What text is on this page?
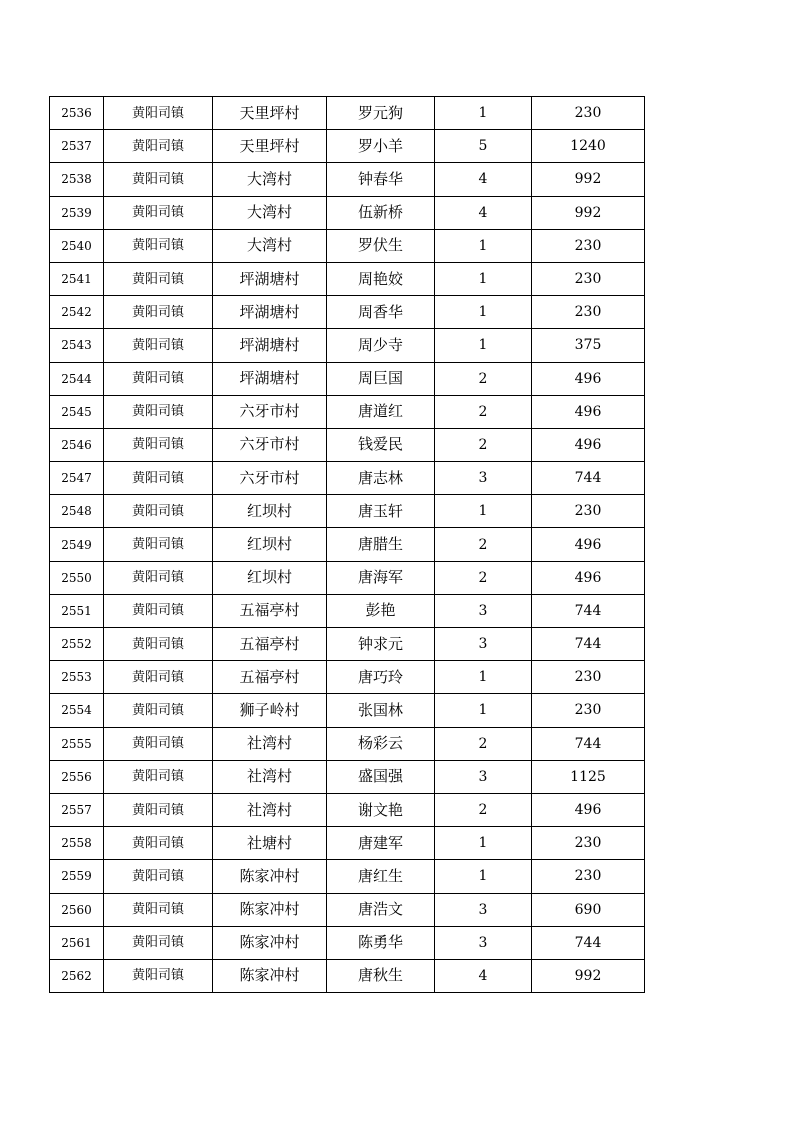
2536	黄阳司镇	天里坪村	罗元狗	1	230
2537	黄阳司镇	天里坪村	罗小羊	5	1240
2538	黄阳司镇	大湾村	钟春华	4	992
2539	黄阳司镇	大湾村	伍新桥	4	992
2540	黄阳司镇	大湾村	罗伏生	1	230
2541	黄阳司镇	坪湖塘村	周艳姣	1	230
2542	黄阳司镇	坪湖塘村	周香华	1	230
2543	黄阳司镇	坪湖塘村	周少寺	1	375
2544	黄阳司镇	坪湖塘村	周巨国	2	496
2545	黄阳司镇	六牙市村	唐道红	2	496
2546	黄阳司镇	六牙市村	钱爱民	2	496
2547	黄阳司镇	六牙市村	唐志林	3	744
2548	黄阳司镇	红坝村	唐玉轩	1	230
2549	黄阳司镇	红坝村	唐腊生	2	496
2550	黄阳司镇	红坝村	唐海军	2	496
2551	黄阳司镇	五福亭村	彭艳	3	744
2552	黄阳司镇	五福亭村	钟求元	3	744
2553	黄阳司镇	五福亭村	唐巧玲	1	230
2554	黄阳司镇	狮子岭村	张国林	1	230
2555	黄阳司镇	社湾村	杨彩云	2	744
2556	黄阳司镇	社湾村	盛国强	3	1125
2557	黄阳司镇	社湾村	谢文艳	2	496
2558	黄阳司镇	社塘村	唐建军	1	230
2559	黄阳司镇	陈家冲村	唐红生	1	230
2560	黄阳司镇	陈家冲村	唐浩文	3	690
2561	黄阳司镇	陈家冲村	陈勇华	3	744
2562	黄阳司镇	陈家冲村	唐秋生	4	992
